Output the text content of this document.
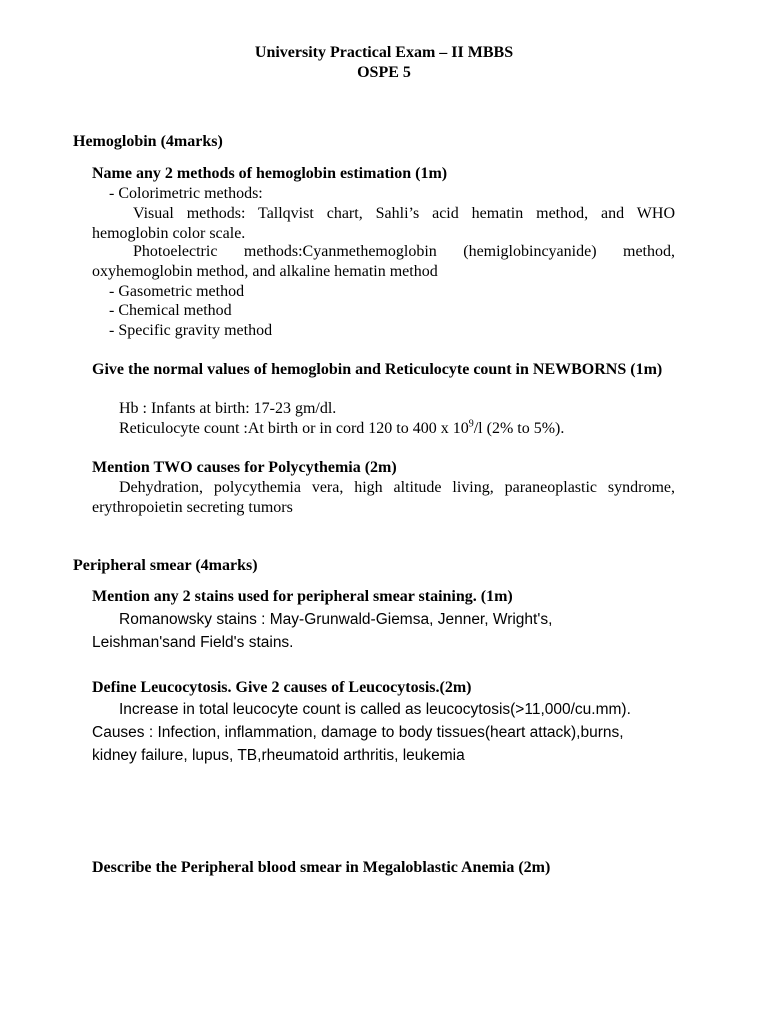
University Practical Exam – II MBBS
OSPE 5
Hemoglobin (4marks)
Name any 2 methods of hemoglobin estimation (1m)
- Colorimetric methods:
Visual methods: Tallqvist chart, Sahli’s acid hematin method, and WHO hemoglobin color scale.
Photoelectric methods:Cyanmethemoglobin (hemiglobincyanide) method, oxyhemoglobin method, and alkaline hematin method
- Gasometric method
- Chemical method
- Specific gravity method
Give the normal values of hemoglobin and Reticulocyte count in NEWBORNS (1m)
Hb : Infants at birth: 17-23 gm/dl.
Reticulocyte count :At birth or in cord 120 to 400 x $10^9/l$ (2% to 5%).
Mention TWO causes for Polycythemia (2m)
Dehydration, polycythemia vera, high altitude living, paraneoplastic syndrome, erythropoietin secreting tumors
Peripheral smear (4marks)
Mention any 2 stains used for peripheral smear staining. (1m)
Romanowsky stains : May-Grunwald-Giemsa, Jenner, Wright's,
Leishman'sand Field's stains.
Define Leucocytosis. Give 2 causes of Leucocytosis.(2m)
Increase in total leucocyte count is called as leucocytosis(>11,000/cu.mm).
Causes : Infection, inflammation, damage to body tissues(heart attack),burns,
kidney failure, lupus, TB,rheumatoid arthritis, leukemia
Describe the Peripheral blood smear in Megaloblastic Anemia (2m)
